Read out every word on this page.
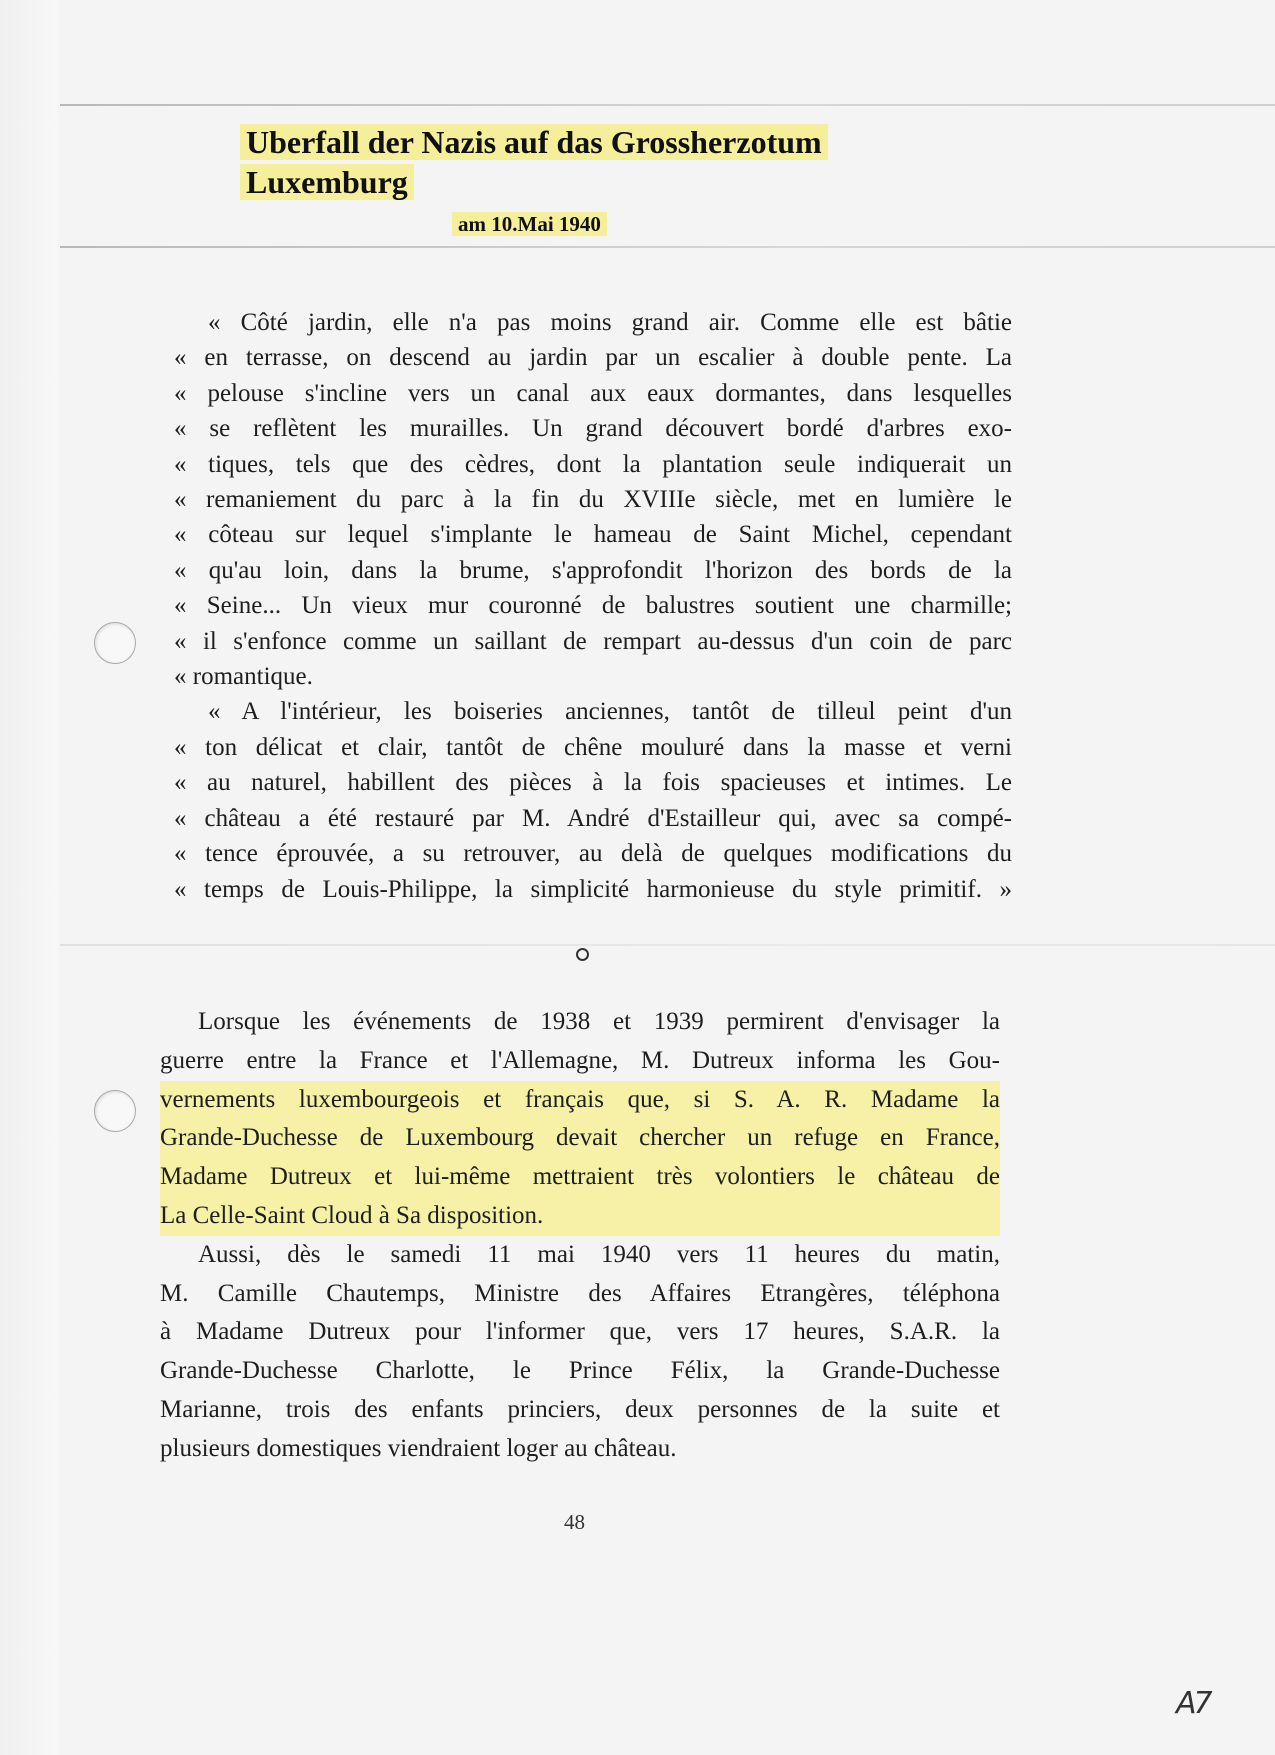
Uberfall der Nazis auf das Grossherzotum
Luxemburg
am 10.Mai 1940
« Côté jardin, elle n'a pas moins grand air. Comme elle est bâtie
« en terrasse, on descend au jardin par un escalier à double pente. La
« pelouse s'incline vers un canal aux eaux dormantes, dans lesquelles
« se reflètent les murailles. Un grand découvert bordé d'arbres exo-
« tiques, tels que des cèdres, dont la plantation seule indiquerait un
« remaniement du parc à la fin du XVIIIe siècle, met en lumière le
« côteau sur lequel s'implante le hameau de Saint Michel, cependant
« qu'au loin, dans la brume, s'approfondit l'horizon des bords de la
« Seine... Un vieux mur couronné de balustres soutient une charmille;
« il s'enfonce comme un saillant de rempart au-dessus d'un coin de parc
« romantique.
« A l'intérieur, les boiseries anciennes, tantôt de tilleul peint d'un
« ton délicat et clair, tantôt de chêne mouluré dans la masse et verni
« au naturel, habillent des pièces à la fois spacieuses et intimes. Le
« château a été restauré par M. André d'Estailleur qui, avec sa compé-
« tence éprouvée, a su retrouver, au delà de quelques modifications du
« temps de Louis-Philippe, la simplicité harmonieuse du style primitif. »
Lorsque les événements de 1938 et 1939 permirent d'envisager la
guerre entre la France et l'Allemagne, M. Dutreux informa les Gou-
vernements luxembourgeois et français que, si S. A. R. Madame la
Grande-Duchesse de Luxembourg devait chercher un refuge en France,
Madame Dutreux et lui-même mettraient très volontiers le château de
La Celle-Saint Cloud à Sa disposition.
Aussi, dès le samedi 11 mai 1940 vers 11 heures du matin,
M. Camille Chautemps, Ministre des Affaires Etrangères, téléphona
à Madame Dutreux pour l'informer que, vers 17 heures, S.A.R. la
Grande-Duchesse Charlotte, le Prince Félix, la Grande-Duchesse
Marianne, trois des enfants princiers, deux personnes de la suite et
plusieurs domestiques viendraient loger au château.
48
A7
